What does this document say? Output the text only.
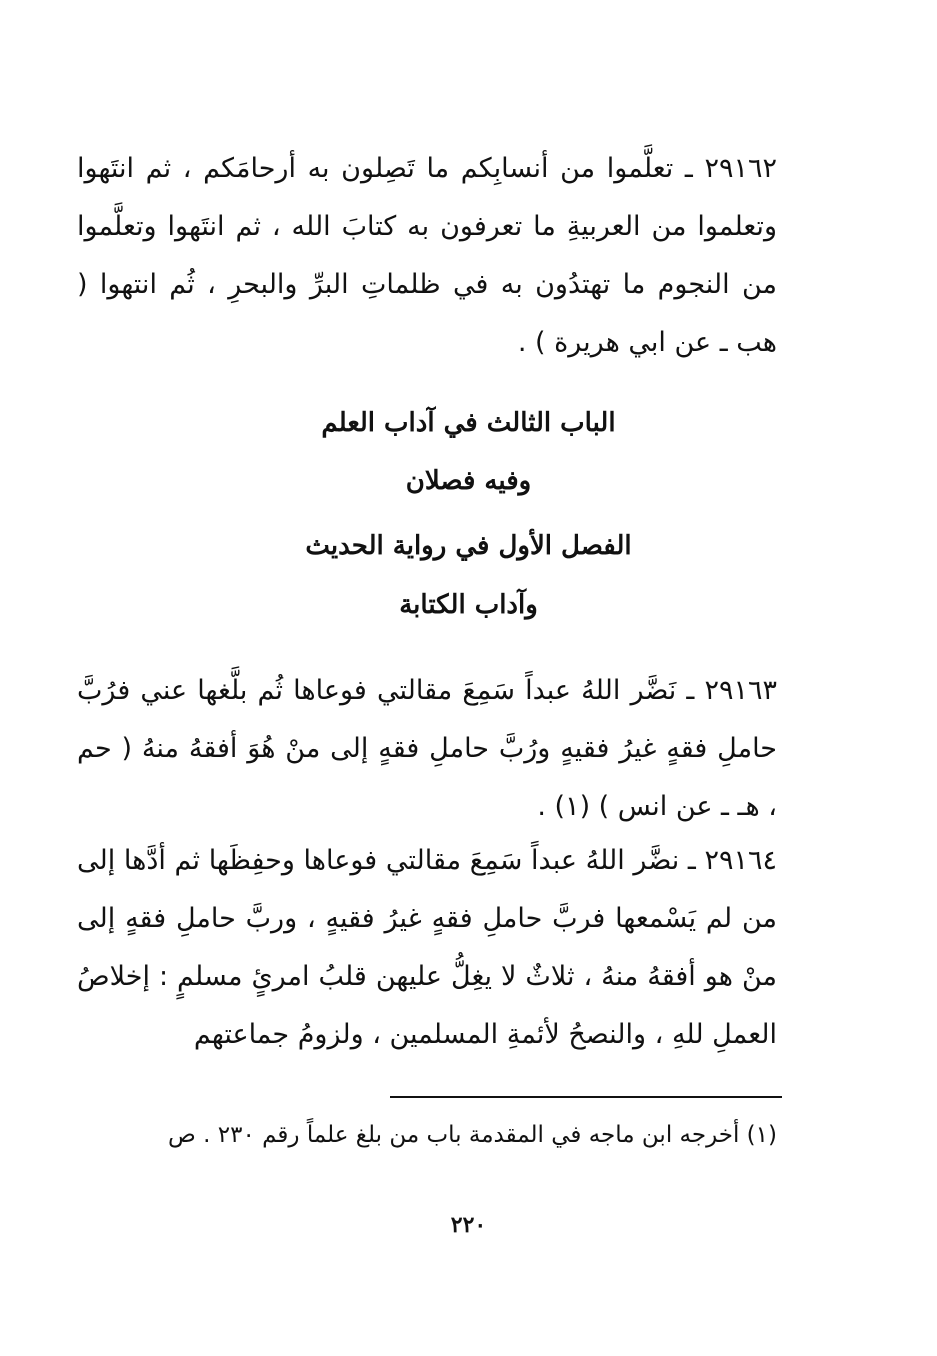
٢٩١٦٢ ـ تعلَّموا من أنسابِكم ما تَصِلون به أرحامَكم ، ثم انتَهوا وتعلموا من العربيةِ ما تعرفون به كتابَ الله ، ثم انتَهوا وتعلَّموا من النجوم ما تهتدُون به في ظلماتِ البرِّ والبحرِ ، ثُم انتهوا ( هب ـ عن ابي هريرة ) .
الباب الثالث في آداب العلم
وفيه فصلان
الفصل الأول في رواية الحديث
وآداب الكتابة
٢٩١٦٣ ـ نَضَّر اللهُ عبداً سَمِعَ مقالتي فوعاها ثُم بلَّغها عني فرُبَّ حاملِ فقهٍ غيرُ فقيهٍ ورُبَّ حاملِ فقهٍ إلى منْ هُوَ أفقهُ منهُ ( حم ، هـ ـ عن انس ) (١) .
٢٩١٦٤ ـ نضَّر اللهُ عبداً سَمِعَ مقالتي فوعاها وحفِظَها ثم أدَّها إلى من لم يَسْمعها فربَّ حاملِ فقهٍ غيرُ فقيهٍ ، وربَّ حاملِ فقهٍ إلى منْ هو أفقهُ منهُ ، ثلاثٌ لا يغِلُّ عليهن قلبُ امرئٍ مسلمٍ : إخلاصُ العملِ للهِ ، والنصحُ لأئمةِ المسلمين ، ولزومُ جماعتهم
(١) أخرجه ابن ماجه في المقدمة باب من بلغ علماً رقم ٢٣٠ . ص
٢٢٠
